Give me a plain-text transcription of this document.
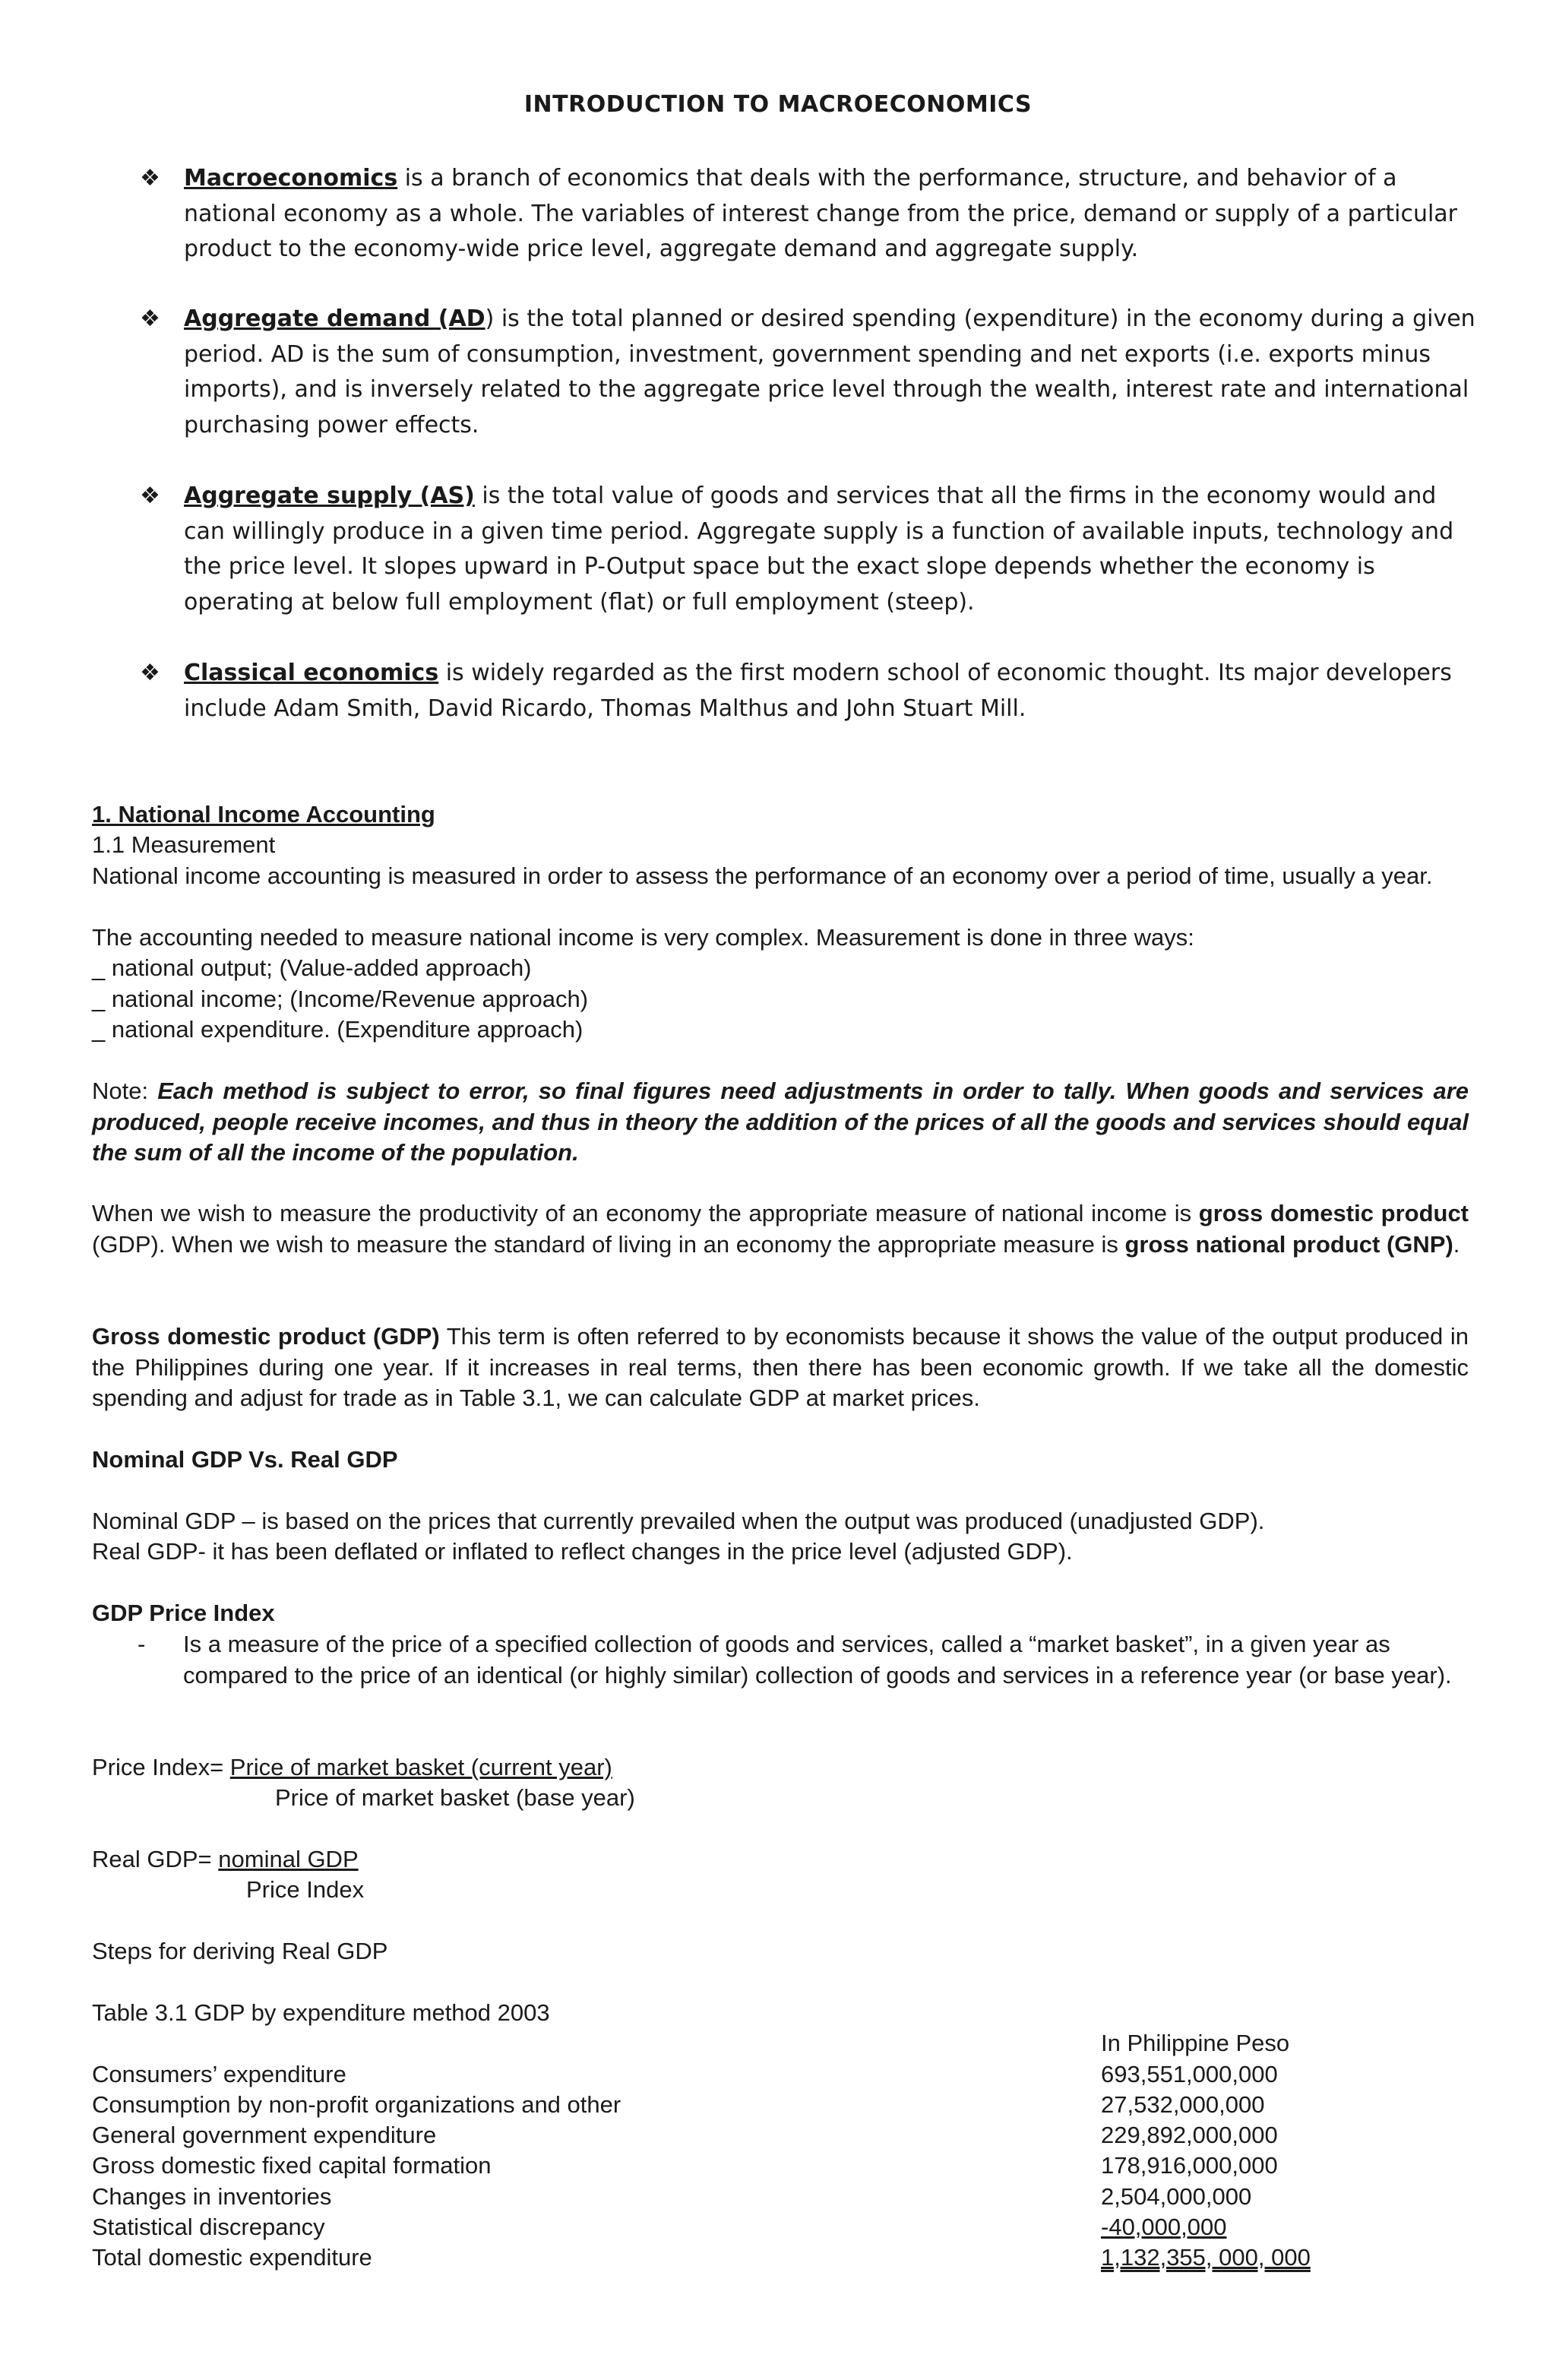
INTRODUCTION TO MACROECONOMICS
❖	Macroeconomics is a branch of economics that deals with the performance, structure, and behavior of a national economy as a whole. The variables of interest change from the price, demand or supply of a particular product to the economy-wide price level, aggregate demand and aggregate supply.
❖	Aggregate demand (AD) is the total planned or desired spending (expenditure) in the economy during a given period. AD is the sum of consumption, investment, government spending and net exports (i.e. exports minus imports), and is inversely related to the aggregate price level through the wealth, interest rate and international purchasing power effects.
❖	Aggregate supply (AS) is the total value of goods and services that all the firms in the economy would and can willingly produce in a given time period. Aggregate supply is a function of available inputs, technology and the price level. It slopes upward in P-Output space but the exact slope depends whether the economy is operating at below full employment (flat) or full employment (steep).
❖	Classical economics is widely regarded as the first modern school of economic thought. Its major developers include Adam Smith, David Ricardo, Thomas Malthus and John Stuart Mill.
1. National Income Accounting
1.1 Measurement
National income accounting is measured in order to assess the performance of an economy over a period of time, usually a year.
The accounting needed to measure national income is very complex. Measurement is done in three ways:
_ national output; (Value-added approach)
_ national income; (Income/Revenue approach)
_ national expenditure. (Expenditure approach)
Note: Each method is subject to error, so final figures need adjustments in order to tally. When goods and services are produced, people receive incomes, and thus in theory the addition of the prices of all the goods and services should equal the sum of all the income of the population.
When we wish to measure the productivity of an economy the appropriate measure of national income is gross domestic product (GDP). When we wish to measure the standard of living in an economy the appropriate measure is gross national product (GNP).
Gross domestic product (GDP) This term is often referred to by economists because it shows the value of the output produced in the Philippines during one year. If it increases in real terms, then there has been economic growth. If we take all the domestic spending and adjust for trade as in Table 3.1, we can calculate GDP at market prices.
Nominal GDP Vs. Real GDP
Nominal GDP – is based on the prices that currently prevailed when the output was produced (unadjusted GDP).
Real GDP- it has been deflated or inflated to reflect changes in the price level (adjusted GDP).
GDP Price Index
- Is a measure of the price of a specified collection of goods and services, called a “market basket”, in a given year as compared to the price of an identical (or highly similar) collection of goods and services in a reference year (or base year).
Price Index= Price of market basket (current year)
Price of market basket (base year)
Real GDP= nominal GDP
Price Index
Steps for deriving Real GDP
Table 3.1 GDP by expenditure method 2003
In Philippine Peso
Consumers’ expenditure	693,551,000,000
Consumption by non-profit organizations and other	27,532,000,000
General government expenditure	229,892,000,000
Gross domestic fixed capital formation	178,916,000,000
Changes in inventories	2,504,000,000
Statistical discrepancy	-40,000,000
Total domestic expenditure	1,132,355, 000, 000
